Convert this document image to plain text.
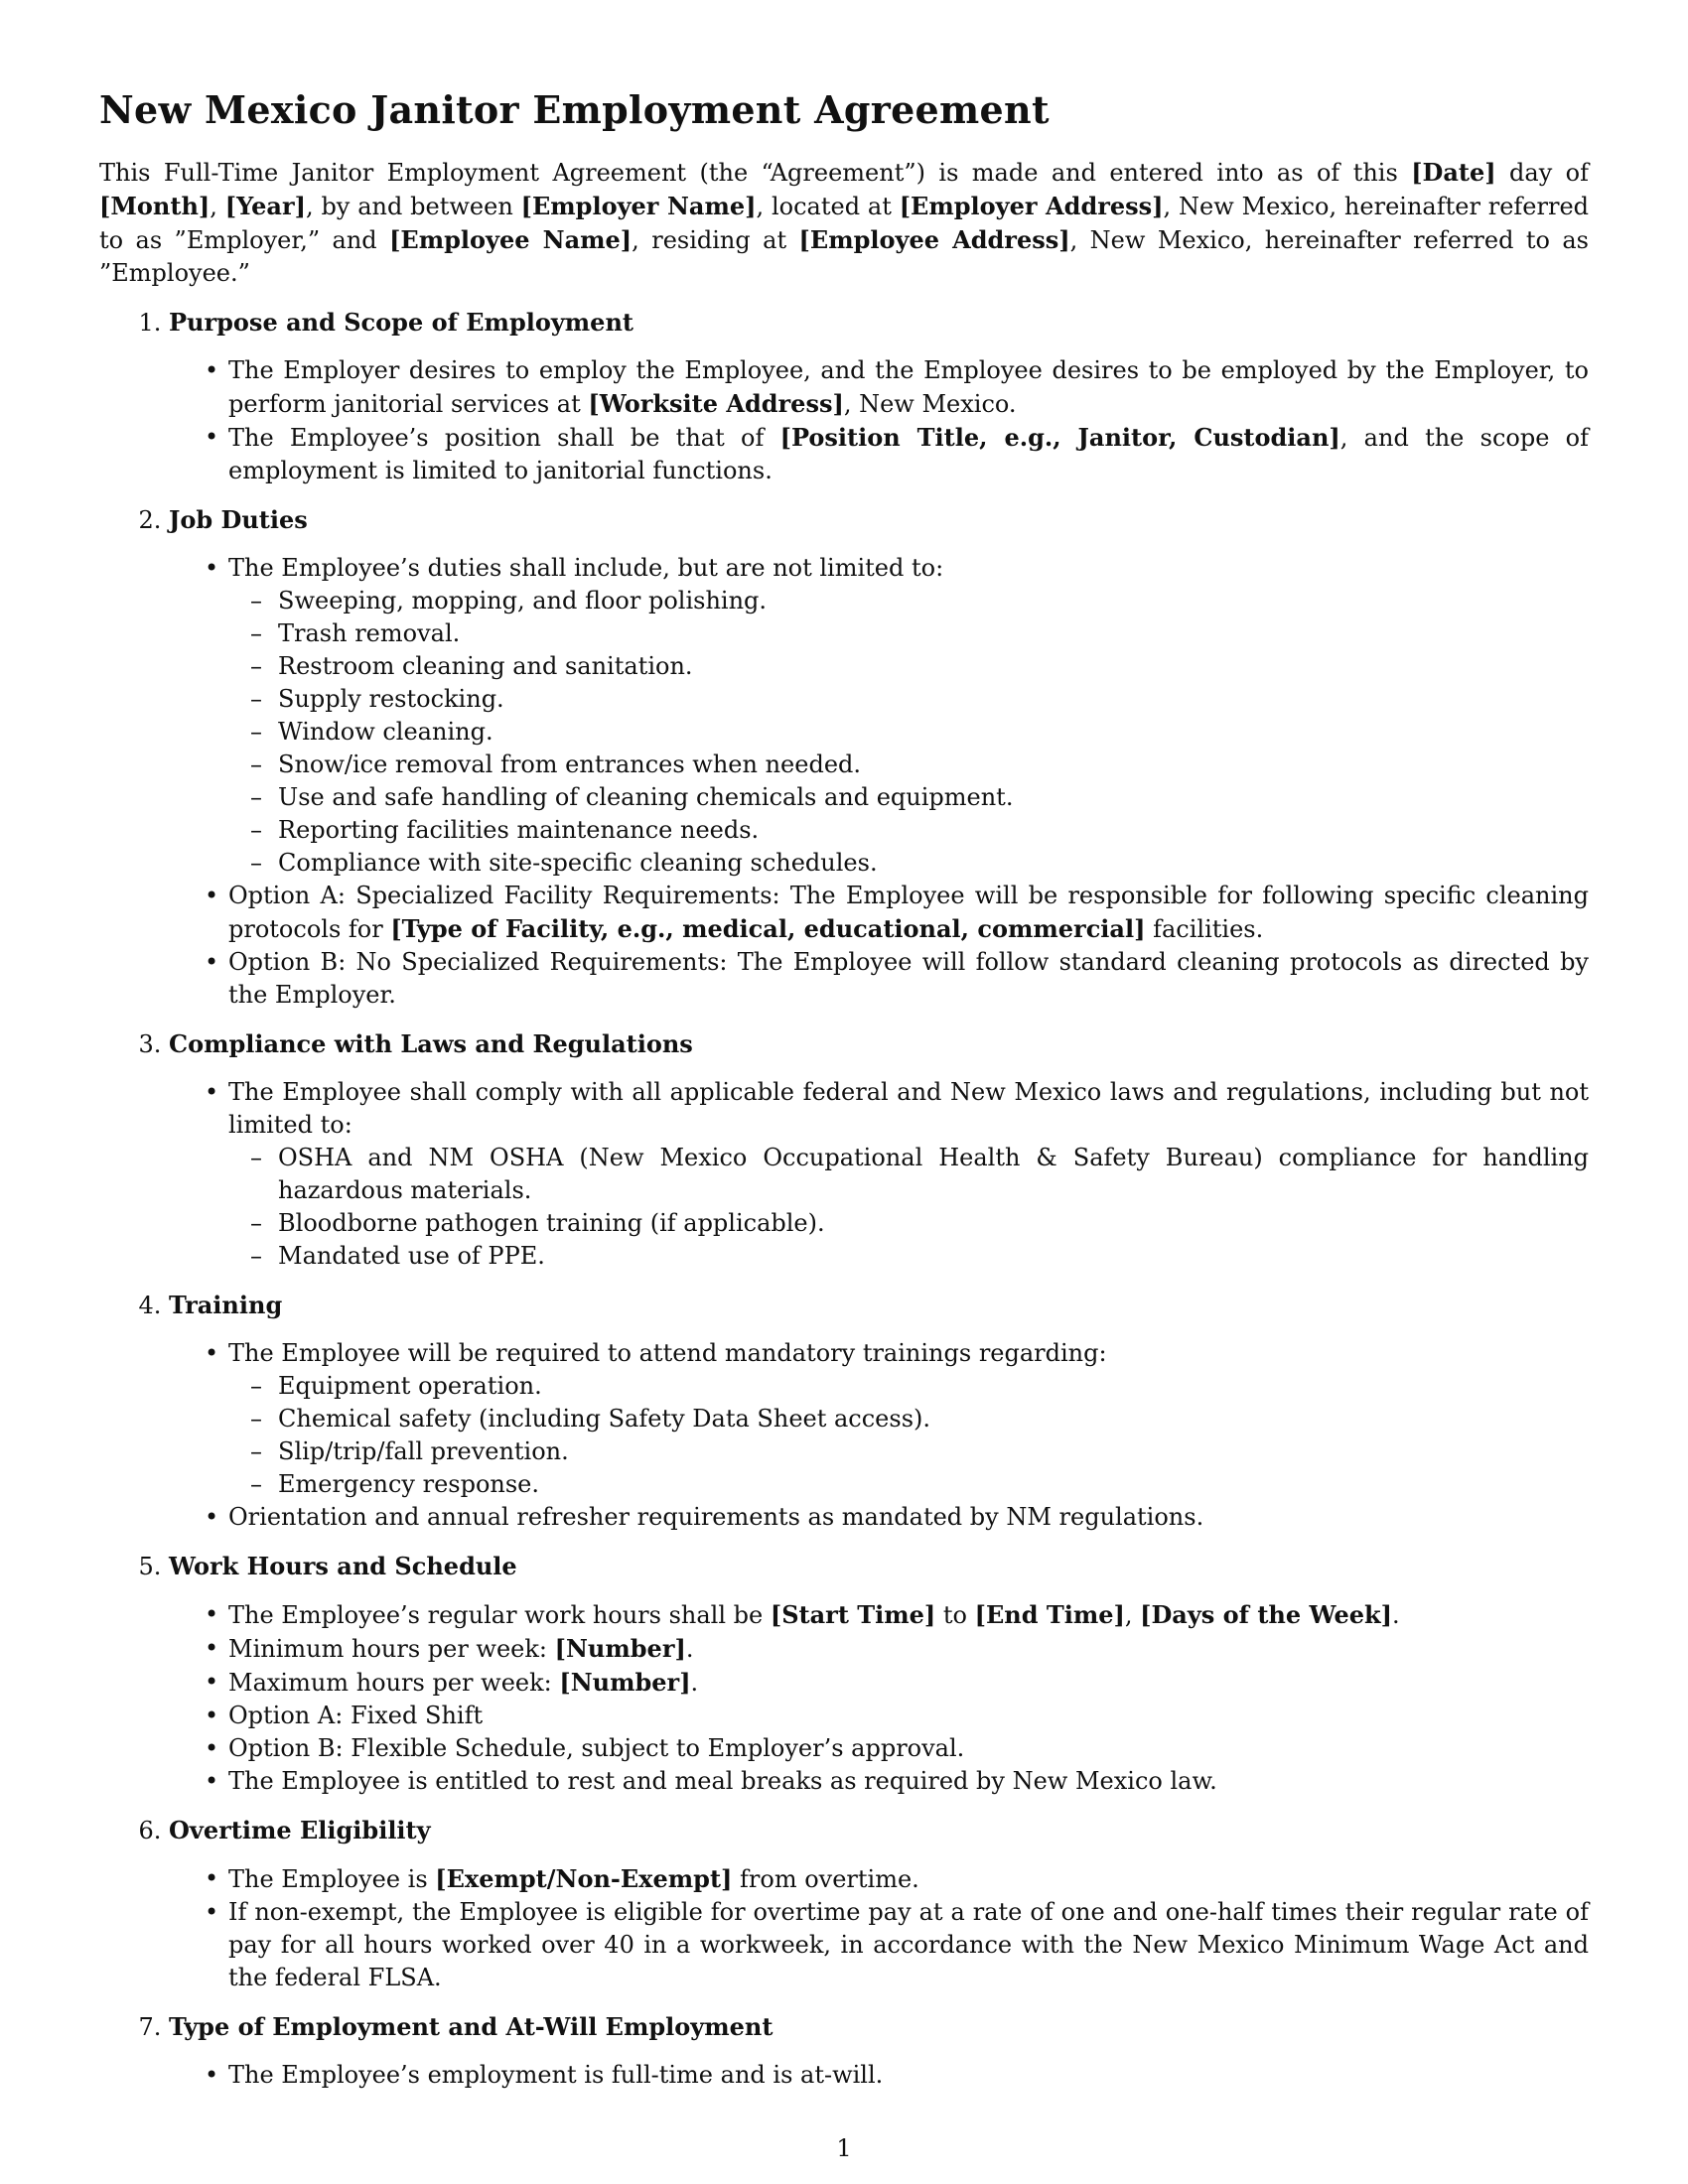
New Mexico Janitor Employment Agreement

This Full-Time Janitor Employment Agreement (the “Agreement”) is made and entered into as of this [Date] day of [Month], [Year], by and between [Employer Name], located at [Employer Address], New Mexico, hereinafter referred to as ”Employer,” and [Employee Name], residing at [Employee Address], New Mexico, hereinafter referred to as ”Employee.”

1. Purpose and Scope of Employment
• The Employer desires to employ the Employee, and the Employee desires to be employed by the Employer, to perform janitorial services at [Worksite Address], New Mexico.
• The Employee’s position shall be that of [Position Title, e.g., Janitor, Custodian], and the scope of employment is limited to janitorial functions.
2. Job Duties
• The Employee’s duties shall include, but are not limited to:
– Sweeping, mopping, and floor polishing.
– Trash removal.
– Restroom cleaning and sanitation.
– Supply restocking.
– Window cleaning.
– Snow/ice removal from entrances when needed.
– Use and safe handling of cleaning chemicals and equipment.
– Reporting facilities maintenance needs.
– Compliance with site-specific cleaning schedules.
• Option A: Specialized Facility Requirements: The Employee will be responsible for following specific cleaning protocols for [Type of Facility, e.g., medical, educational, commercial] facilities.
• Option B: No Specialized Requirements: The Employee will follow standard cleaning protocols as directed by the Employer.
3. Compliance with Laws and Regulations
• The Employee shall comply with all applicable federal and New Mexico laws and regulations, including but not limited to:
– OSHA and NM OSHA (New Mexico Occupational Health & Safety Bureau) compliance for handling hazardous materials.
– Bloodborne pathogen training (if applicable).
– Mandated use of PPE.
4. Training
• The Employee will be required to attend mandatory trainings regarding:
– Equipment operation.
– Chemical safety (including Safety Data Sheet access).
– Slip/trip/fall prevention.
– Emergency response.
• Orientation and annual refresher requirements as mandated by NM regulations.
5. Work Hours and Schedule
• The Employee’s regular work hours shall be [Start Time] to [End Time], [Days of the Week].
• Minimum hours per week: [Number].
• Maximum hours per week: [Number].
• Option A: Fixed Shift
• Option B: Flexible Schedule, subject to Employer’s approval.
• The Employee is entitled to rest and meal breaks as required by New Mexico law.
6. Overtime Eligibility
• The Employee is [Exempt/Non-Exempt] from overtime.
• If non-exempt, the Employee is eligible for overtime pay at a rate of one and one-half times their regular rate of pay for all hours worked over 40 in a workweek, in accordance with the New Mexico Minimum Wage Act and the federal FLSA.
7. Type of Employment and At-Will Employment
• The Employee’s employment is full-time and is at-will.
1
